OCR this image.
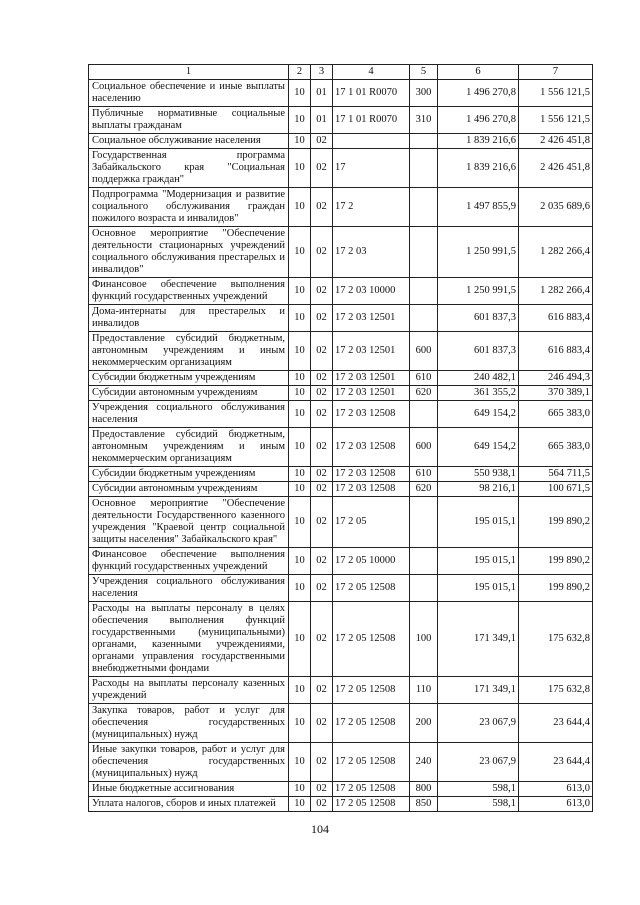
1	2	3	4	5	6	7
Социальное обеспечение и иные выплаты населению	10	01	17 1 01 R0070	300	1 496 270,8	1 556 121,5
Публичные нормативные социальные выплаты гражданам	10	01	17 1 01 R0070	310	1 496 270,8	1 556 121,5
Социальное обслуживание населения	10	02			1 839 216,6	2 426 451,8
Государственная программа Забайкальского края "Социальная поддержка граждан"	10	02	17		1 839 216,6	2 426 451,8
Подпрограмма "Модернизация и развитие социального обслуживания граждан пожилого возраста и инвалидов"	10	02	17 2		1 497 855,9	2 035 689,6
Основное мероприятие "Обеспечение деятельности стационарных учреждений социального обслуживания престарелых и инвалидов"	10	02	17 2 03		1 250 991,5	1 282 266,4
Финансовое обеспечение выполнения функций государственных учреждений	10	02	17 2 03 10000		1 250 991,5	1 282 266,4
Дома-интернаты для престарелых и инвалидов	10	02	17 2 03 12501		601 837,3	616 883,4
Предоставление субсидий бюджетным, автономным учреждениям и иным некоммерческим организациям	10	02	17 2 03 12501	600	601 837,3	616 883,4
Субсидии бюджетным учреждениям	10	02	17 2 03 12501	610	240 482,1	246 494,3
Субсидии автономным учреждениям	10	02	17 2 03 12501	620	361 355,2	370 389,1
Учреждения социального обслуживания населения	10	02	17 2 03 12508		649 154,2	665 383,0
Предоставление субсидий бюджетным, автономным учреждениям и иным некоммерческим организациям	10	02	17 2 03 12508	600	649 154,2	665 383,0
Субсидии бюджетным учреждениям	10	02	17 2 03 12508	610	550 938,1	564 711,5
Субсидии автономным учреждениям	10	02	17 2 03 12508	620	98 216,1	100 671,5
Основное мероприятие "Обеспечение деятельности Государственного казенного учреждения "Краевой центр социальной защиты населения" Забайкальского края"	10	02	17 2 05		195 015,1	199 890,2
Финансовое обеспечение выполнения функций государственных учреждений	10	02	17 2 05 10000		195 015,1	199 890,2
Учреждения социального обслуживания населения	10	02	17 2 05 12508		195 015,1	199 890,2
Расходы на выплаты персоналу в целях обеспечения выполнения функций государственными (муниципальными) органами, казенными учреждениями, органами управления государственными внебюджетными фондами	10	02	17 2 05 12508	100	171 349,1	175 632,8
Расходы на выплаты персоналу казенных учреждений	10	02	17 2 05 12508	110	171 349,1	175 632,8
Закупка товаров, работ и услуг для обеспечения государственных (муниципальных) нужд	10	02	17 2 05 12508	200	23 067,9	23 644,4
Иные закупки товаров, работ и услуг для обеспечения государственных (муниципальных) нужд	10	02	17 2 05 12508	240	23 067,9	23 644,4
Иные бюджетные ассигнования	10	02	17 2 05 12508	800	598,1	613,0
Уплата налогов, сборов и иных платежей	10	02	17 2 05 12508	850	598,1	613,0
104
